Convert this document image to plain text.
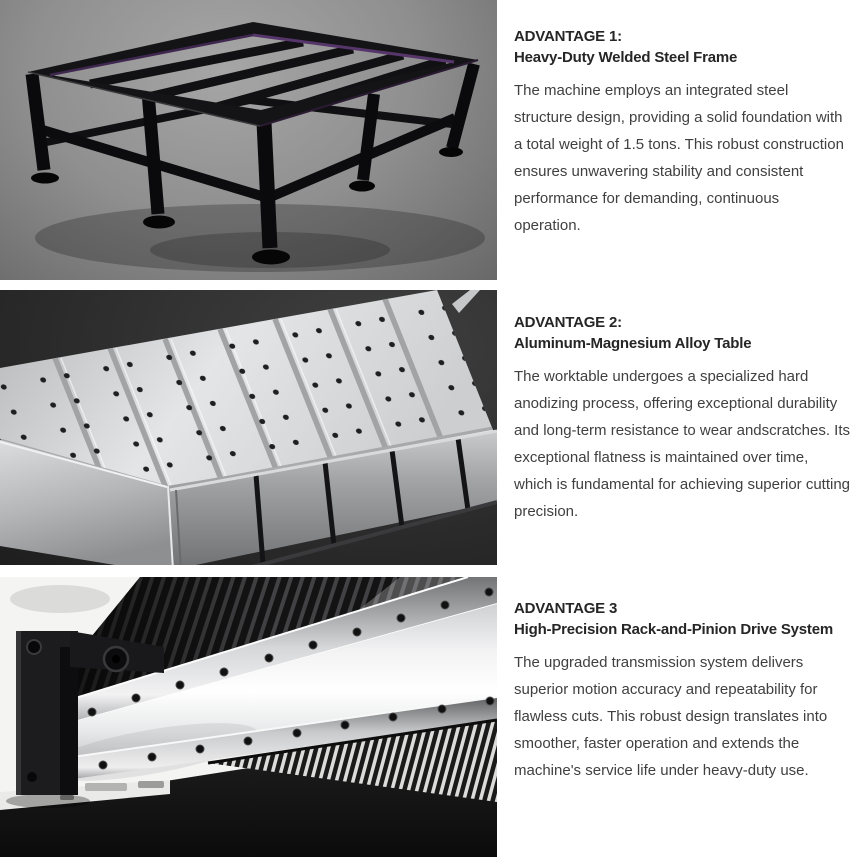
ADVANTAGE 1:
Heavy-Duty Welded Steel Frame

The machine employs an integrated steel structure design, providing a solid foundation with a total weight of 1.5 tons. This robust construction ensures unwavering stability and consistent performance for demanding, continuous operation.

ADVANTAGE 2:
Aluminum-Magnesium Alloy Table

The worktable undergoes a specialized hard anodizing process, offering exceptional durability and long-term resistance to wear andscratches. Its exceptional flatness is maintained over time, which is fundamental for achieving superior cutting precision.

ADVANTAGE 3
High-Precision Rack-and-Pinion Drive System

The upgraded transmission system delivers superior motion accuracy and repeatability for flawless cuts. This robust design translates into smoother, faster operation and extends the machine's service life under heavy-duty use.
